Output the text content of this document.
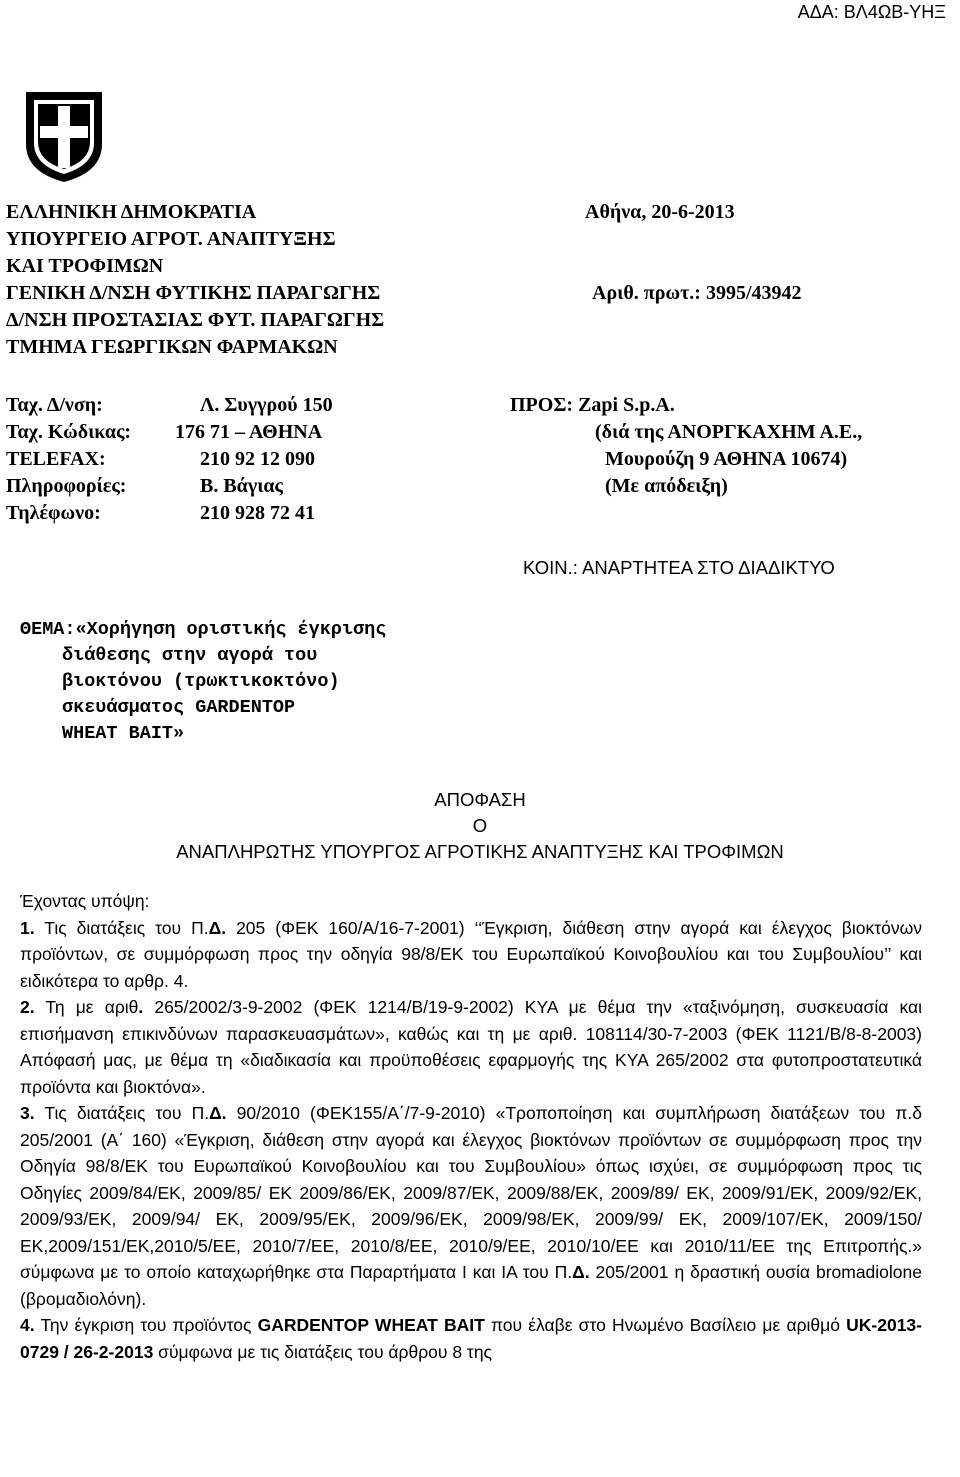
ΑΔΑ: ΒΛ4ΩΒ-ΥΗΞ
ΕΛΛΗΝΙΚΗ ΔΗΜΟΚΡΑΤΙΑ
ΥΠΟΥΡΓΕΙΟ ΑΓΡΟΤ. ΑΝΑΠΤΥΞΗΣ
ΚΑΙ ΤΡΟΦΙΜΩΝ
ΓΕΝΙΚΗ Δ/ΝΣΗ ΦΥΤΙΚΗΣ ΠΑΡΑΓΩΓΗΣ
Δ/ΝΣΗ ΠΡΟΣΤΑΣΙΑΣ ΦΥΤ. ΠΑΡΑΓΩΓΗΣ
ΤΜΗΜΑ ΓΕΩΡΓΙΚΩΝ ΦΑΡΜΑΚΩΝ
Αθήνα, 20-6-2013
Αριθ. πρωτ.: 3995/43942
Ταχ. Δ/νση:	Λ. Συγγρού 150
Ταχ. Κώδικας: 176 71 – ΑΘΗΝΑ
TELEFAX:	210 92 12 090
Πληροφορίες:	Β. Βάγιας
Τηλέφωνο:	210 928 72 41
ΠΡΟΣ: Zapi S.p.A.
(διά της ΑΝΟΡΓΚΑΧΗΜ Α.Ε.,
Μουρούζη 9 ΑΘΗΝΑ 10674)
(Με απόδειξη)
ΚΟΙΝ.: ΑΝΑΡΤΗΤΕΑ ΣΤΟ ΔΙΑΔΙΚΤΥΟ
ΘΕΜΑ:«Χορήγηση οριστικής έγκρισης
διάθεσης στην αγορά του
βιοκτόνου (τρωκτικοκτόνο)
σκευάσματος GARDENTOP
WHEAT BAIT»
ΑΠΟΦΑΣΗ
Ο
ΑΝΑΠΛΗΡΩΤΗΣ ΥΠΟΥΡΓΟΣ ΑΓΡΟΤΙΚΗΣ ΑΝΑΠΤΥΞΗΣ ΚΑΙ ΤΡΟΦΙΜΩΝ

Έχοντας υπόψη:

1. Τις διατάξεις του Π.Δ. 205 (ΦΕΚ 160/Α/16-7-2001) ‘‘Έγκριση, διάθεση στην αγορά και έλεγχος βιοκτόνων προϊόντων, σε συμμόρφωση προς την οδηγία 98/8/ΕΚ του Ευρωπαϊκού Κοινοβουλίου και του Συμβουλίου’’ και ειδικότερα το αρθρ. 4.

2. Τη με αριθ. 265/2002/3-9-2002 (ΦΕΚ 1214/Β/19-9-2002) ΚΥΑ με θέμα την «ταξινόμηση, συσκευασία και επισήμανση επικινδύνων παρασκευασμάτων», καθώς και τη με αριθ. 108114/30-7-2003 (ΦΕΚ 1121/Β/8-8-2003) Απόφασή μας, με θέμα τη «διαδικασία και προϋποθέσεις εφαρμογής της ΚΥΑ 265/2002 στα φυτοπροστατευτικά προϊόντα και βιοκτόνα».

3. Τις διατάξεις του Π.Δ. 90/2010 (ΦΕΚ155/Α΄/7-9-2010) «Τροποποίηση και συμπλήρωση διατάξεων του π.δ 205/2001 (Α΄ 160) «Έγκριση, διάθεση στην αγορά και έλεγχος βιοκτόνων προϊόντων σε συμμόρφωση προς την Οδηγία 98/8/ΕΚ του Ευρωπαϊκού Κοινοβουλίου και του Συμβουλίου» όπως ισχύει, σε συμμόρφωση προς τις Οδηγίες 2009/84/ΕΚ, 2009/85/ ΕΚ 2009/86/ΕΚ, 2009/87/ΕΚ, 2009/88/ΕΚ, 2009/89/ ΕΚ, 2009/91/ΕΚ, 2009/92/ΕΚ, 2009/93/ΕΚ, 2009/94/ ΕΚ, 2009/95/ΕΚ, 2009/96/ΕΚ, 2009/98/ΕΚ, 2009/99/ ΕΚ, 2009/107/ΕΚ, 2009/150/ΕΚ,2009/151/ΕΚ,2010/5/ΕΕ, 2010/7/ΕΕ, 2010/8/ΕΕ, 2010/9/ΕΕ, 2010/10/ΕΕ και 2010/11/ΕΕ της Επιτροπής.» σύμφωνα με το οποίο καταχωρήθηκε στα Παραρτήματα Ι και ΙΑ του Π.Δ. 205/2001 η δραστική ουσία bromadiolone (βρομαδιολόνη).

4. Την έγκριση του προϊόντος GARDENTOP WHEAT BAIT που έλαβε στο Ηνωμένο Βασίλειο με αριθμό UK-2013-0729 / 26-2-2013 σύμφωνα με τις διατάξεις του άρθρου 8 της
